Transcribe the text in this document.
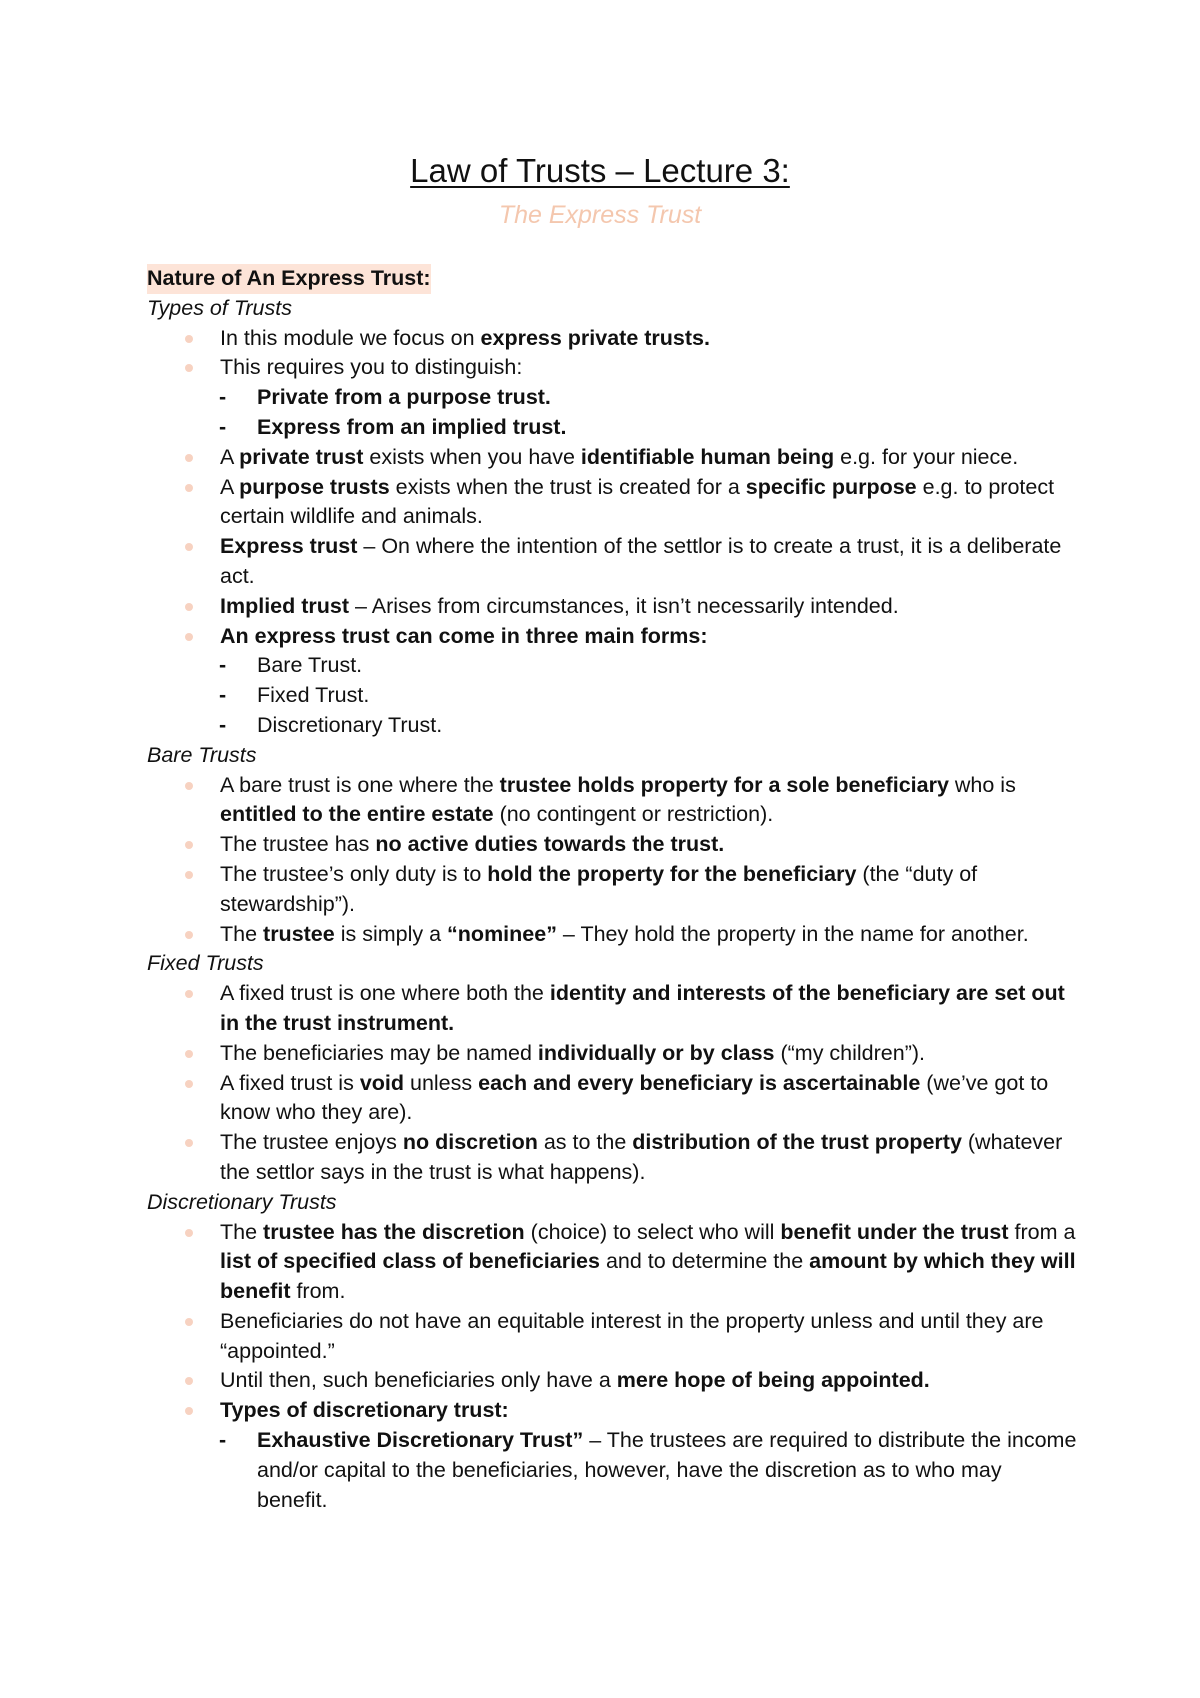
Law of Trusts – Lecture 3:
The Express Trust
Nature of An Express Trust:
Types of Trusts
In this module we focus on express private trusts.
This requires you to distinguish:
- Private from a purpose trust.
- Express from an implied trust.
A private trust exists when you have identifiable human being e.g. for your niece.
A purpose trusts exists when the trust is created for a specific purpose e.g. to protect certain wildlife and animals.
Express trust – On where the intention of the settlor is to create a trust, it is a deliberate act.
Implied trust – Arises from circumstances, it isn’t necessarily intended.
An express trust can come in three main forms:
- Bare Trust.
- Fixed Trust.
- Discretionary Trust.
Bare Trusts
A bare trust is one where the trustee holds property for a sole beneficiary who is entitled to the entire estate (no contingent or restriction).
The trustee has no active duties towards the trust.
The trustee’s only duty is to hold the property for the beneficiary (the “duty of stewardship”).
The trustee is simply a “nominee” – They hold the property in the name for another.
Fixed Trusts
A fixed trust is one where both the identity and interests of the beneficiary are set out in the trust instrument.
The beneficiaries may be named individually or by class (“my children”).
A fixed trust is void unless each and every beneficiary is ascertainable (we’ve got to know who they are).
The trustee enjoys no discretion as to the distribution of the trust property (whatever the settlor says in the trust is what happens).
Discretionary Trusts
The trustee has the discretion (choice) to select who will benefit under the trust from a list of specified class of beneficiaries and to determine the amount by which they will benefit from.
Beneficiaries do not have an equitable interest in the property unless and until they are “appointed.”
Until then, such beneficiaries only have a mere hope of being appointed.
Types of discretionary trust:
- Exhaustive Discretionary Trust” – The trustees are required to distribute the income and/or capital to the beneficiaries, however, have the discretion as to who may benefit.
